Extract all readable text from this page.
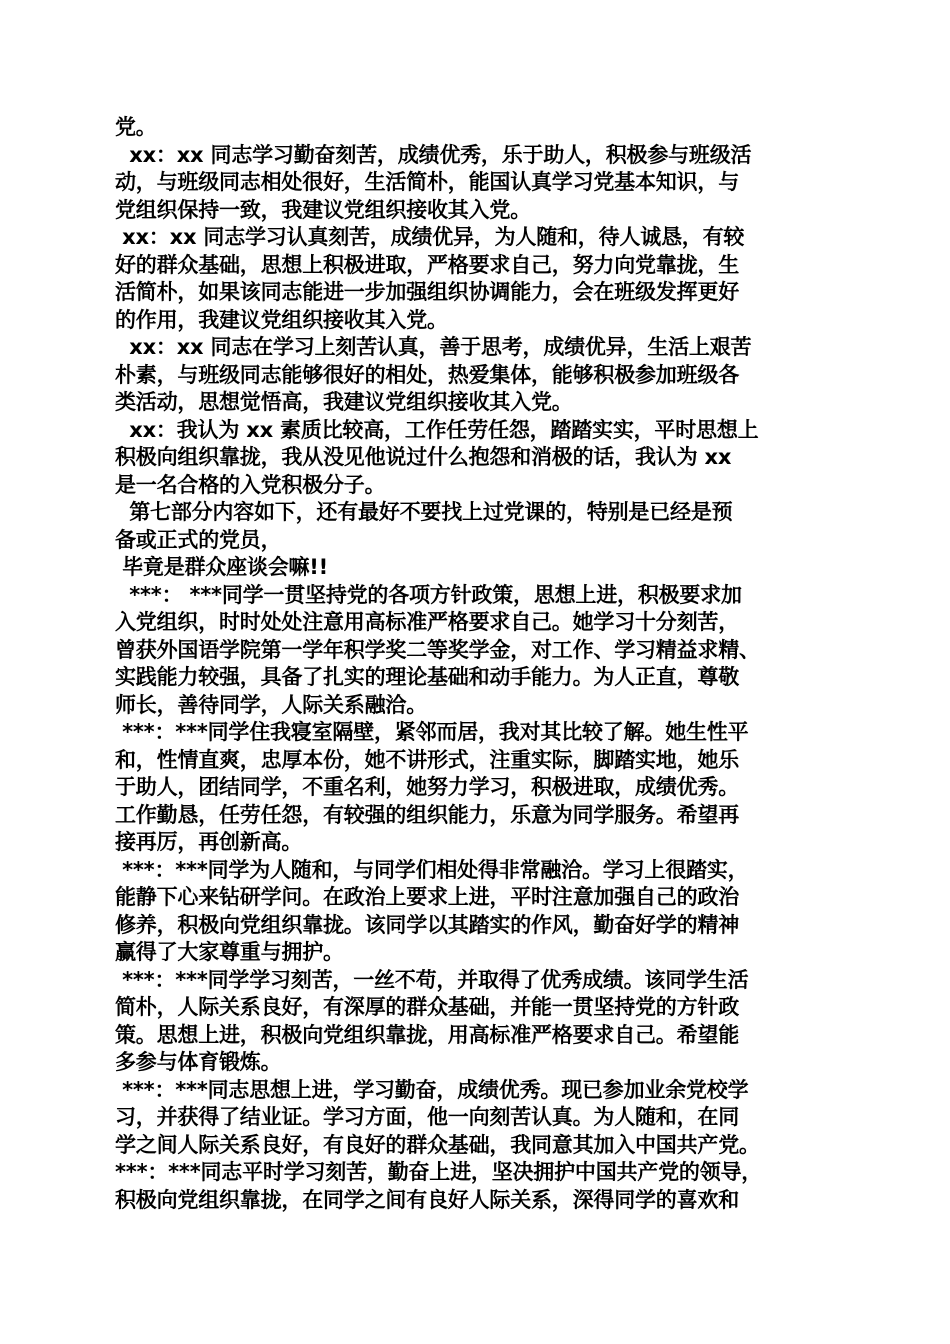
党。
xx：xx 同志学习勤奋刻苦，成绩优秀，乐于助人，积极参与班级活
动，与班级同志相处很好，生活简朴，能国认真学习党基本知识，与
党组织保持一致，我建议党组织接收其入党。
xx：xx 同志学习认真刻苦，成绩优异，为人随和，待人诚恳，有较
好的群众基础，思想上积极进取，严格要求自己，努力向党靠拢，生
活简朴，如果该同志能进一步加强组织协调能力，会在班级发挥更好
的作用，我建议党组织接收其入党。
xx：xx 同志在学习上刻苦认真，善于思考，成绩优异，生活上艰苦
朴素，与班级同志能够很好的相处，热爱集体，能够积极参加班级各
类活动，思想觉悟高，我建议党组织接收其入党。
xx：我认为 xx 素质比较高，工作任劳任怨，踏踏实实，平时思想上
积极向组织靠拢，我从没见他说过什么抱怨和消极的话，我认为 xx
是一名合格的入党积极分子。
第七部分内容如下，还有最好不要找上过党课的，特别是已经是预
备或正式的党员，
毕竟是群众座谈会嘛!!
***： ***同学一贯坚持党的各项方针政策，思想上进，积极要求加
入党组织，时时处处注意用高标准严格要求自己。她学习十分刻苦，
曾获外国语学院第一学年积学奖二等奖学金，对工作、学习精益求精、
实践能力较强，具备了扎实的理论基础和动手能力。为人正直，尊敬
师长，善待同学，人际关系融洽。
***：***同学住我寝室隔壁，紧邻而居，我对其比较了解。她生性平
和，性情直爽，忠厚本份，她不讲形式，注重实际，脚踏实地，她乐
于助人，团结同学，不重名利，她努力学习，积极进取，成绩优秀。
工作勤恳，任劳任怨，有较强的组织能力，乐意为同学服务。希望再
接再厉，再创新高。
***：***同学为人随和，与同学们相处得非常融洽。学习上很踏实，
能静下心来钻研学问。在政治上要求上进，平时注意加强自己的政治
修养，积极向党组织靠拢。该同学以其踏实的作风，勤奋好学的精神
赢得了大家尊重与拥护。
***：***同学学习刻苦，一丝不苟，并取得了优秀成绩。该同学生活
简朴，人际关系良好，有深厚的群众基础，并能一贯坚持党的方针政
策。思想上进，积极向党组织靠拢，用高标准严格要求自己。希望能
多参与体育锻炼。
***：***同志思想上进，学习勤奋，成绩优秀。现已参加业余党校学
习，并获得了结业证。学习方面，他一向刻苦认真。为人随和，在同
学之间人际关系良好，有良好的群众基础，我同意其加入中国共产党。
***：***同志平时学习刻苦，勤奋上进，坚决拥护中国共产党的领导，
积极向党组织靠拢，在同学之间有良好人际关系，深得同学的喜欢和
